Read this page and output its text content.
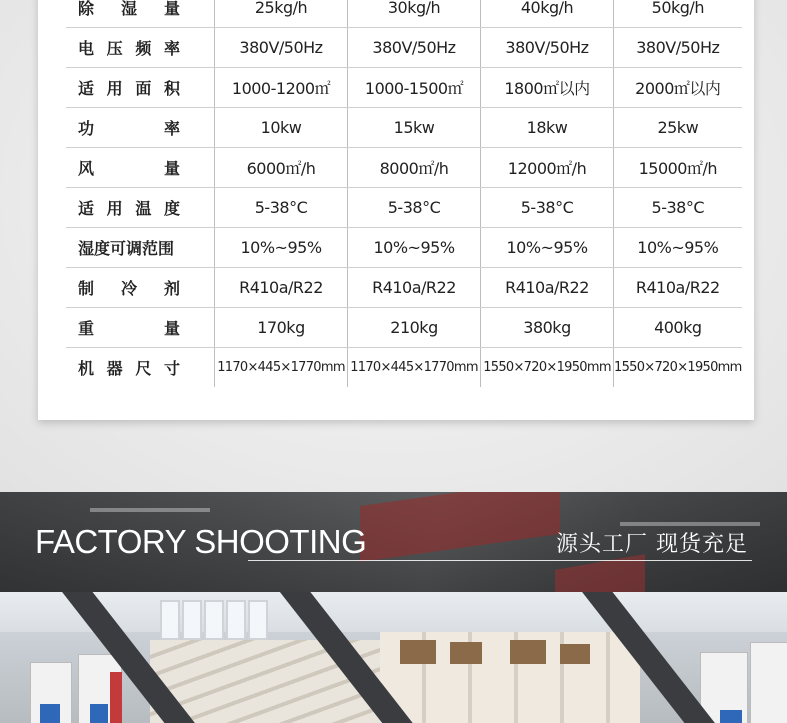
除 湿 量	25kg/h	30kg/h	40kg/h	50kg/h

电 压 频 率	380V/50Hz	380V/50Hz	380V/50Hz	380V/50Hz

适 用 面 积	1000-1200㎡	1000-1500㎡	1800㎡以内	2000㎡以内

功 率	10kw	15kw	18kw	25kw

风 量	6000㎡/h	8000㎡/h	12000㎡/h	15000㎡/h

适 用 温 度	5-38°C	5-38°C	5-38°C	5-38°C
湿度可调范围	10%~95%	10%~95%	10%~95%	10%~95%

制 冷 剂	R410a/R22	R410a/R22	R410a/R22	R410a/R22

重 量	170kg	210kg	380kg	400kg

机 器 尺 寸	1170×445×1770mm	1170×445×1770mm	1550×720×1950mm	1550×720×1950mm
FACTORY SHOOTING	源头工厂 现货充足
